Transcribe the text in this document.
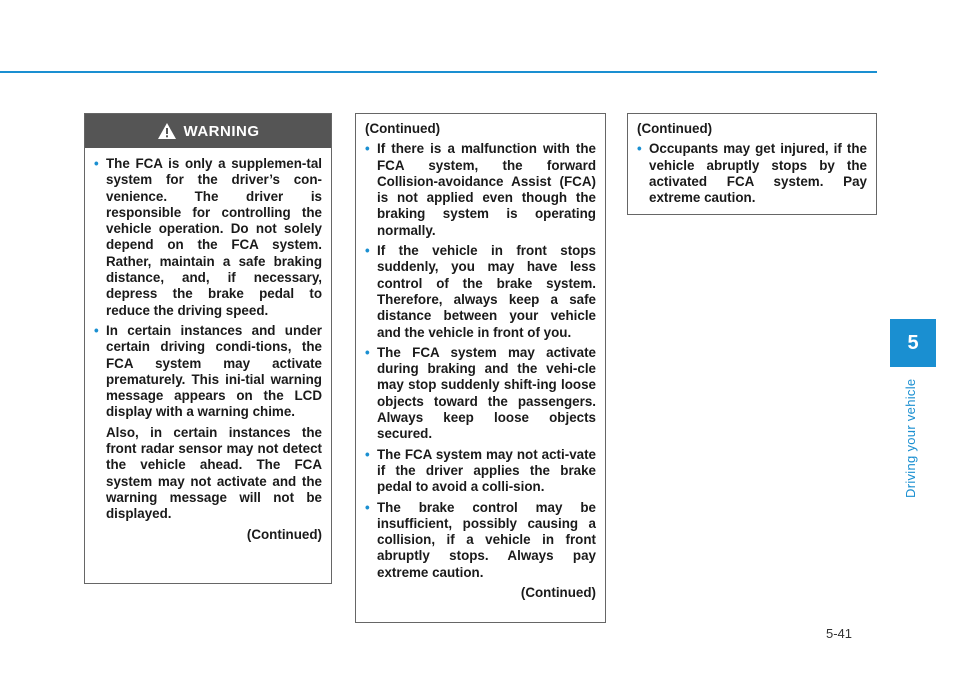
WARNING
• The FCA is only a supplemen-tal system for the driver’s con-venience. The driver is responsible for controlling the vehicle operation. Do not solely depend on the FCA system. Rather, maintain a safe braking distance, and, if necessary, depress the brake pedal to reduce the driving speed.
• In certain instances and under certain driving condi-tions, the FCA system may activate prematurely. This ini-tial warning message appears on the LCD display with a warning chime.
Also, in certain instances the front radar sensor may not detect the vehicle ahead. The FCA system may not activate and the warning message will not be displayed.
(Continued)
(Continued)
• If there is a malfunction with the FCA system, the forward Collision-avoidance Assist (FCA) is not applied even though the braking system is operating normally.
• If the vehicle in front stops suddenly, you may have less control of the brake system. Therefore, always keep a safe distance between your vehicle and the vehicle in front of you.
• The FCA system may activate during braking and the vehi-cle may stop suddenly shift-ing loose objects toward the passengers. Always keep loose objects secured.
• The FCA system may not acti-vate if the driver applies the brake pedal to avoid a colli-sion.
• The brake control may be insufficient, possibly causing a collision, if a vehicle in front abruptly stops. Always pay extreme caution.
(Continued)
(Continued)
• Occupants may get injured, if the vehicle abruptly stops by the activated FCA system. Pay extreme caution.
5
Driving your vehicle
5-41
